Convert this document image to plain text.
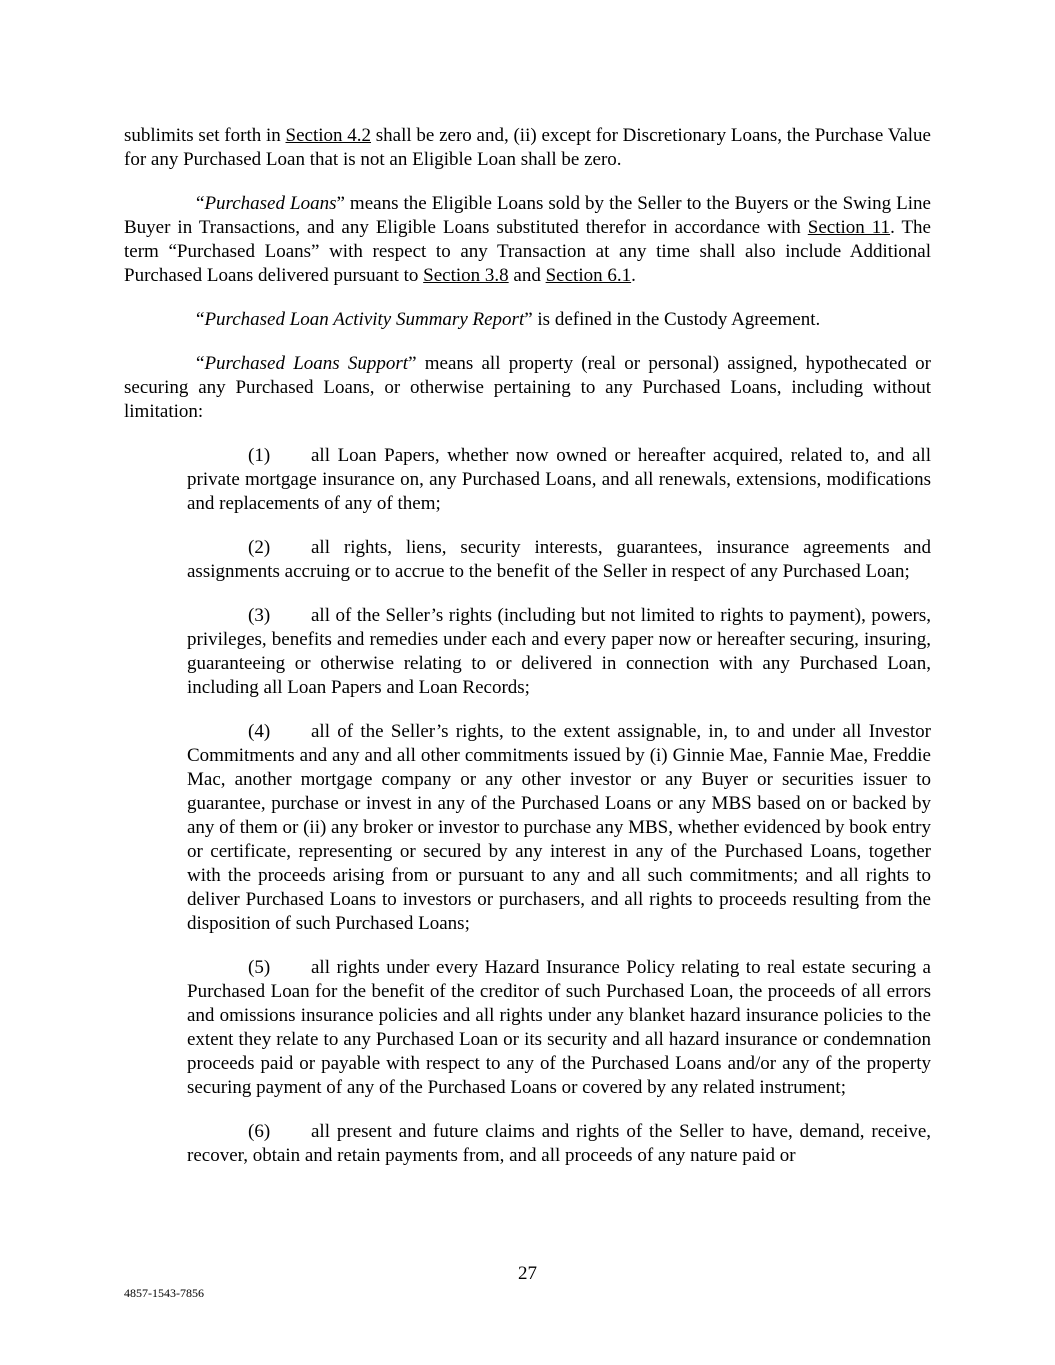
sublimits set forth in Section 4.2 shall be zero and, (ii) except for Discretionary Loans, the Purchase Value for any Purchased Loan that is not an Eligible Loan shall be zero.

“Purchased Loans” means the Eligible Loans sold by the Seller to the Buyers or the Swing Line Buyer in Transactions, and any Eligible Loans substituted therefor in accordance with Section 11. The term “Purchased Loans” with respect to any Transaction at any time shall also include Additional Purchased Loans delivered pursuant to Section 3.8 and Section 6.1.

“Purchased Loan Activity Summary Report” is defined in the Custody Agreement.

“Purchased Loans Support” means all property (real or personal) assigned, hypothecated or securing any Purchased Loans, or otherwise pertaining to any Purchased Loans, including without limitation:

(1) all Loan Papers, whether now owned or hereafter acquired, related to, and all private mortgage insurance on, any Purchased Loans, and all renewals, extensions, modifications and replacements of any of them;

(2) all rights, liens, security interests, guarantees, insurance agreements and assignments accruing or to accrue to the benefit of the Seller in respect of any Purchased Loan;

(3) all of the Seller’s rights (including but not limited to rights to payment), powers, privileges, benefits and remedies under each and every paper now or hereafter securing, insuring, guaranteeing or otherwise relating to or delivered in connection with any Purchased Loan, including all Loan Papers and Loan Records;

(4) all of the Seller’s rights, to the extent assignable, in, to and under all Investor Commitments and any and all other commitments issued by (i) Ginnie Mae, Fannie Mae, Freddie Mac, another mortgage company or any other investor or any Buyer or securities issuer to guarantee, purchase or invest in any of the Purchased Loans or any MBS based on or backed by any of them or (ii) any broker or investor to purchase any MBS, whether evidenced by book entry or certificate, representing or secured by any interest in any of the Purchased Loans, together with the proceeds arising from or pursuant to any and all such commitments; and all rights to deliver Purchased Loans to investors or purchasers, and all rights to proceeds resulting from the disposition of such Purchased Loans;

(5) all rights under every Hazard Insurance Policy relating to real estate securing a Purchased Loan for the benefit of the creditor of such Purchased Loan, the proceeds of all errors and omissions insurance policies and all rights under any blanket hazard insurance policies to the extent they relate to any Purchased Loan or its security and all hazard insurance or condemnation proceeds paid or payable with respect to any of the Purchased Loans and/or any of the property securing payment of any of the Purchased Loans or covered by any related instrument;

(6) all present and future claims and rights of the Seller to have, demand, receive, recover, obtain and retain payments from, and all proceeds of any nature paid or

27
4857-1543-7856
